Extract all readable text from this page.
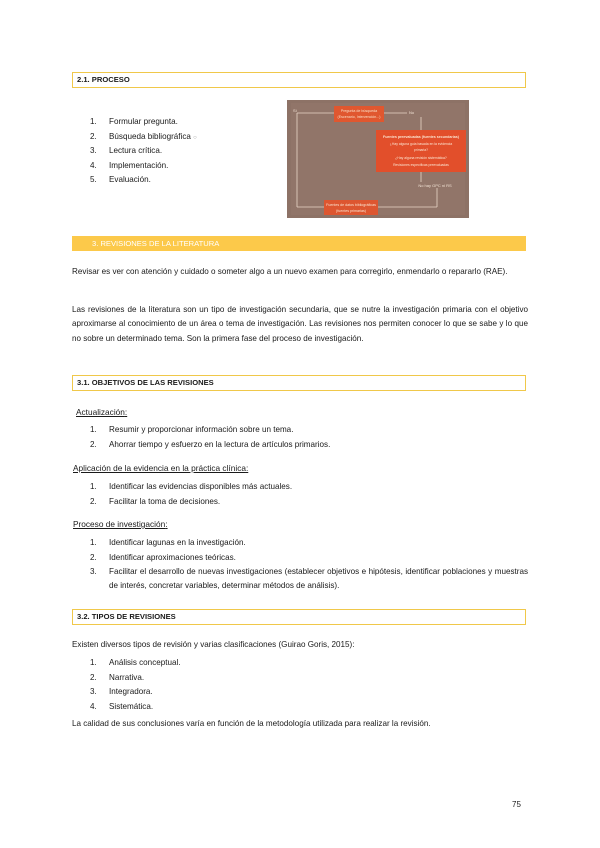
2.1. PROCESO
1. Formular pregunta.
2. Búsqueda bibliográfica ○
3. Lectura crítica.
4. Implementación.
5. Evaluación.
Pregunta de búsqueda
(Escenario, Intervención...)
Fuentes preevaluadas (fuentes secundarias)
¿Hay alguna guía basada en la evidencia
primaria?
¿Hay alguna revisión sistemática?
Revisiones específicas preevaluadas
Fuentes de datos bibliográficas
(fuentes primarias)
Sí	No
No hay GPC ni RS
3. REVISIONES DE LA LITERATURA
Revisar es ver con atención y cuidado o someter algo a un nuevo examen para corregirlo, enmendarlo o repararlo (RAE).
Las revisiones de la literatura son un tipo de investigación secundaria, que se nutre la investigación primaria con el objetivo aproximarse al conocimiento de un área o tema de investigación. Las revisiones nos permiten conocer lo que se sabe y lo que no sobre un determinado tema. Son la primera fase del proceso de investigación.
3.1. OBJETIVOS DE LAS REVISIONES
Actualización:
1. Resumir y proporcionar información sobre un tema.
2. Ahorrar tiempo y esfuerzo en la lectura de artículos primarios.
Aplicación de la evidencia en la práctica clínica:
1. Identificar las evidencias disponibles más actuales.
2. Facilitar la toma de decisiones.
Proceso de investigación:
1. Identificar lagunas en la investigación.
2. Identificar aproximaciones teóricas.
3.	Facilitar el desarrollo de nuevas investigaciones (establecer objetivos e hipótesis, identificar poblaciones y muestras de interés, concretar variables, determinar métodos de análisis).
3.2. TIPOS DE REVISIONES
Existen diversos tipos de revisión y varias clasificaciones (Guirao Goris, 2015):
1. Análisis conceptual.
2. Narrativa.
3. Integradora.
4. Sistemática.
La calidad de sus conclusiones varía en función de la metodología utilizada para realizar la revisión.
75
